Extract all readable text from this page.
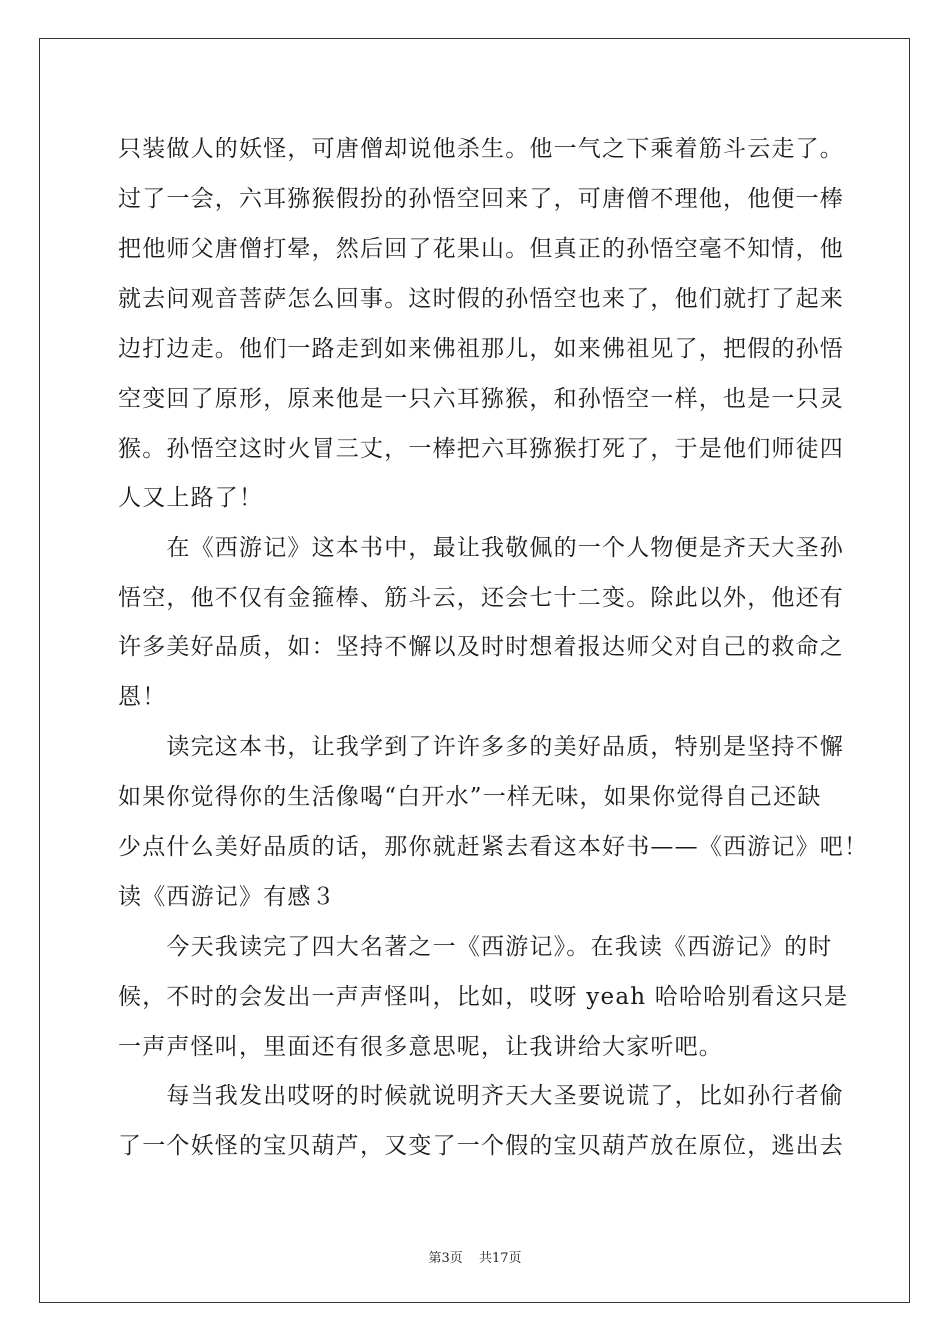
只装做人的妖怪，可唐僧却说他杀生。他一气之下乘着筋斗云走了。
过了一会，六耳猕猴假扮的孙悟空回来了，可唐僧不理他，他便一棒
把他师父唐僧打晕，然后回了花果山。但真正的孙悟空毫不知情，他
就去问观音菩萨怎么回事。这时假的孙悟空也来了，他们就打了起来
边打边走。他们一路走到如来佛祖那儿，如来佛祖见了，把假的孙悟
空变回了原形，原来他是一只六耳猕猴，和孙悟空一样，也是一只灵
猴。孙悟空这时火冒三丈，一棒把六耳猕猴打死了，于是他们师徒四
人又上路了！
　　在《西游记》这本书中，最让我敬佩的一个人物便是齐天大圣孙
悟空，他不仅有金箍棒、筋斗云，还会七十二变。除此以外，他还有
许多美好品质，如：坚持不懈以及时时想着报达师父对自己的救命之
恩！
　　读完这本书，让我学到了许许多多的美好品质，特别是坚持不懈
如果你觉得你的生活像喝“白开水”一样无味，如果你觉得自己还缺
少点什么美好品质的话，那你就赶紧去看这本好书——《西游记》吧！
读《西游记》有感３
　　今天我读完了四大名著之一《西游记》。在我读《西游记》的时
候，不时的会发出一声声怪叫，比如，哎呀 yeah 哈哈哈别看这只是
一声声怪叫，里面还有很多意思呢，让我讲给大家听吧。
　　每当我发出哎呀的时候就说明齐天大圣要说谎了，比如孙行者偷
了一个妖怪的宝贝葫芦，又变了一个假的宝贝葫芦放在原位，逃出去
第3页 共17页
